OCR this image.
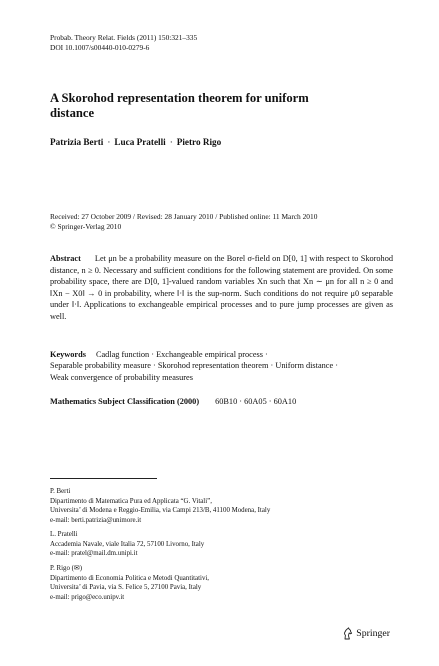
Probab. Theory Relat. Fields (2011) 150:321–335
DOI 10.1007/s00440-010-0279-6
A Skorohod representation theorem for uniform
distance
Patrizia Berti · Luca Pratelli · Pietro Rigo
Received: 27 October 2009 / Revised: 28 January 2010 / Published online: 11 March 2010
© Springer-Verlag 2010
Abstract Let μn be a probability measure on the Borel σ-field on D[0, 1] with respect to Skorohod distance, n ≥ 0. Necessary and sufficient conditions for the following statement are provided. On some probability space, there are D[0, 1]-valued random variables Xn such that Xn ∼ μn for all n ≥ 0 and ‖Xn − X0‖ → 0 in probability, where ‖·‖ is the sup-norm. Such conditions do not require μ0 separable under ‖·‖. Applications to exchangeable empirical processes and to pure jump processes are given as well.
Keywords Cadlag function · Exchangeable empirical process ·
Separable probability measure · Skorohod representation theorem · Uniform distance ·
Weak convergence of probability measures
Mathematics Subject Classification (2000) 60B10 · 60A05 · 60A10
P. Berti
Dipartimento di Matematica Pura ed Applicata “G. Vitali”,
Universita’ di Modena e Reggio-Emilia, via Campi 213/B, 41100 Modena, Italy
e-mail: berti.patrizia@unimore.it
L. Pratelli
Accademia Navale, viale Italia 72, 57100 Livorno, Italy
e-mail: pratel@mail.dm.unipi.it
P. Rigo (✉)
Dipartimento di Economia Politica e Metodi Quantitativi,
Universita’ di Pavia, via S. Felice 5, 27100 Pavia, Italy
e-mail: prigo@eco.unipv.it
Springer
